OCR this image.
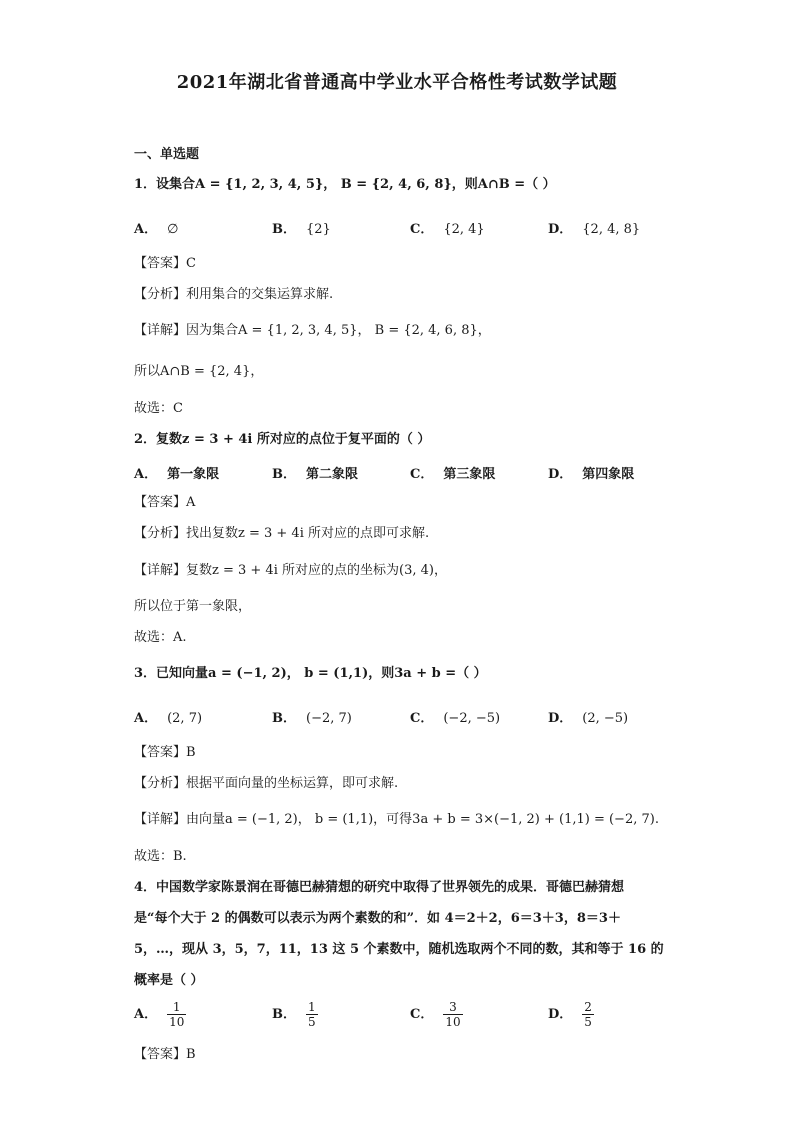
2021年湖北省普通高中学业水平合格性考试数学试题
一、单选题
1．设集合A = {1, 2, 3, 4, 5}， B = {2, 4, 6, 8}，则A∩B =（ ）
A． ∅	B． {2}	C． {2, 4}	D． {2, 4, 8}
【答案】C
【分析】利用集合的交集运算求解.
【详解】因为集合A = {1, 2, 3, 4, 5}， B = {2, 4, 6, 8}，
所以A∩B = {2, 4}，
故选：C
2．复数z = 3 + 4i 所对应的点位于复平面的（ ）
A． 第一象限	B． 第二象限	C． 第三象限	D． 第四象限
【答案】A
【分析】找出复数z = 3 + 4i 所对应的点即可求解.
【详解】复数z = 3 + 4i 所对应的点的坐标为(3, 4)，
所以位于第一象限，
故选：A.
3．已知向量a = (−1, 2)， b = (1,1)，则3a + b =（ ）
A． (2, 7)	B． (−2, 7)	C． (−2, −5)	D． (2, −5)
【答案】B
【分析】根据平面向量的坐标运算，即可求解.
【详解】由向量a = (−1, 2)， b = (1,1)，可得3a + b = 3×(−1, 2) + (1,1) = (−2, 7).
故选：B.
4．中国数学家陈景润在哥德巴赫猜想的研究中取得了世界领先的成果．哥德巴赫猜想
是“每个大于 2 的偶数可以表示为两个素数的和”．如 4＝2＋2，6＝3＋3，8＝3＋
5，…，现从 3，5，7，11，13 这 5 个素数中，随机选取两个不同的数，其和等于 16 的
概率是（ ）
A． $\frac{1}{10}$	B． $\frac{1}{5}$	C． $\frac{3}{10}$	D． $\frac{2}{5}$
【答案】B
